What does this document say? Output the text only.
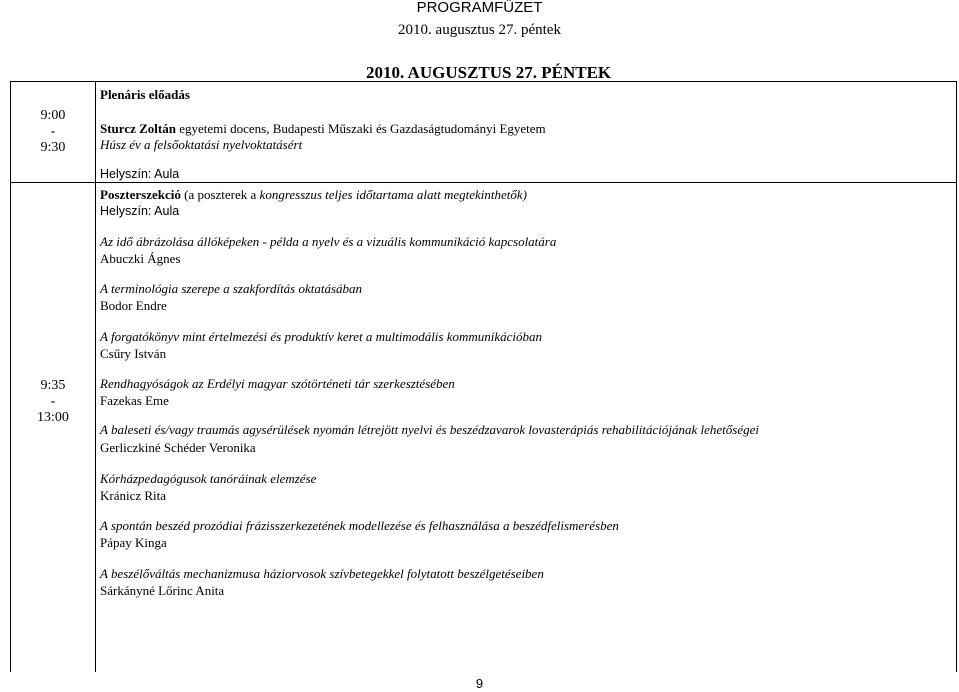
PROGRAMFÜZET
2010. augusztus 27. péntek
2010. AUGUSZTUS 27. PÉNTEK
9:00
-
9:30
9:35
-
13:00
Plenáris előadás
Sturcz Zoltán egyetemi docens, Budapesti Műszaki és Gazdaságtudományi Egyetem
Húsz év a felsőoktatási nyelvoktatásért
Helyszín: Aula
Poszterszekció (a poszterek a kongresszus teljes időtartama alatt megtekinthetők)
Helyszín: Aula
Az idő ábrázolása állóképeken - példa a nyelv és a vizuális kommunikáció kapcsolatára
Abuczki Ágnes
A terminológia szerepe a szakfordítás oktatásában
Bodor Endre
A forgatókönyv mint értelmezési és produktív keret a multimodális kommunikációban
Csűry István
Rendhagyóságok az Erdélyi magyar szótörténeti tár szerkesztésében
Fazekas Eme
A baleseti és/vagy traumás agysérülések nyomán létrejött nyelvi és beszédzavarok lovasterápiás rehabilitációjának lehetőségei
Gerliczkiné Schéder Veronika
Kórházpedagógusok tanóráinak elemzése
Kránicz Rita
A spontán beszéd prozódiai frázisszerkezetének modellezése és felhasználása a beszédfelismerésben
Pápay Kinga
A beszélőváltás mechanizmusa háziorvosok szívbetegekkel folytatott beszélgetéseiben
Sárkányné Lőrinc Anita
9
